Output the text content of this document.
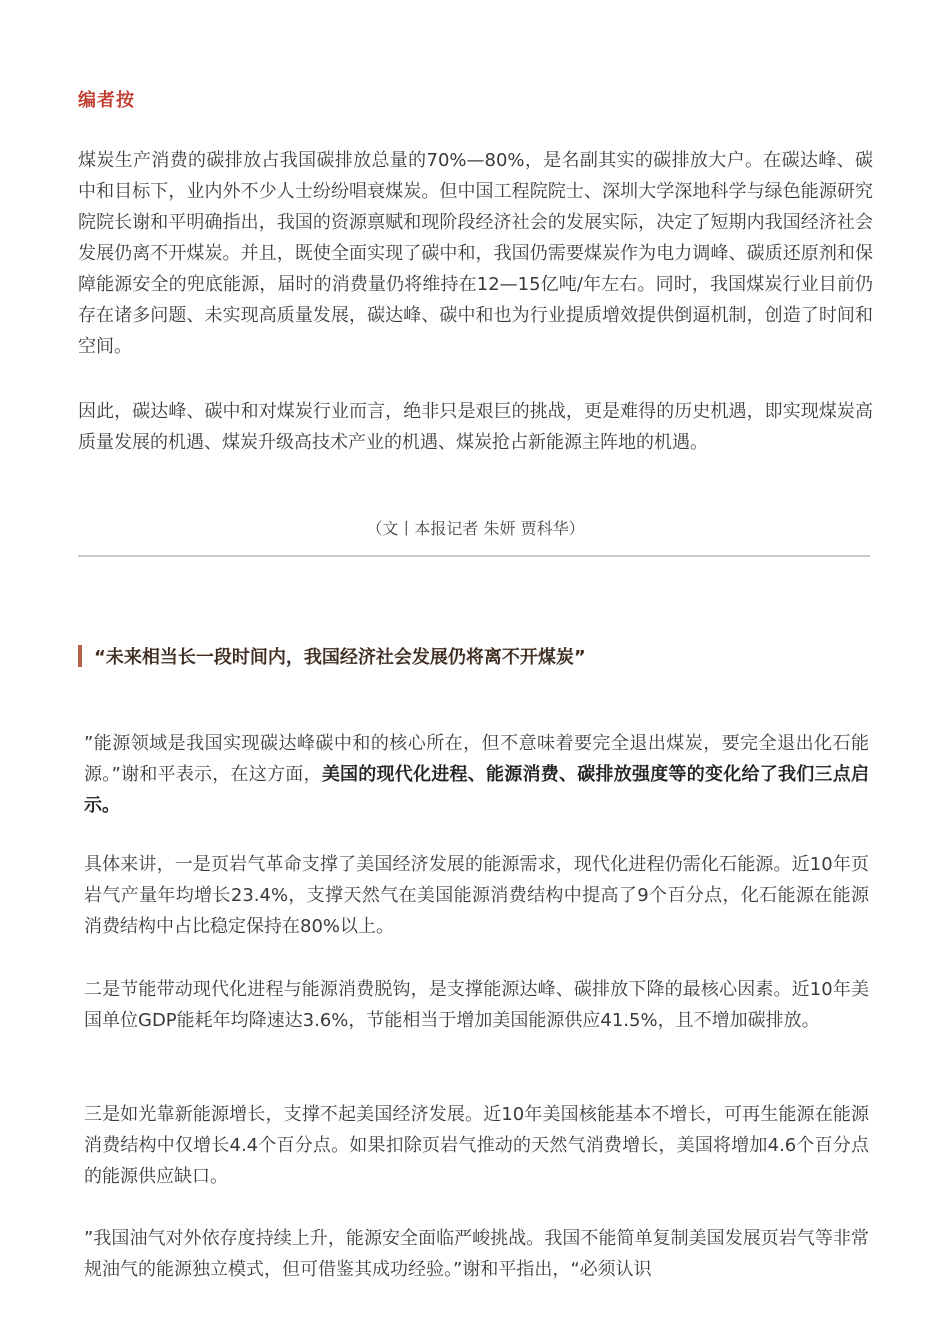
编者按

煤炭生产消费的碳排放占我国碳排放总量的70%—80%，是名副其实的碳排放大户。在碳达峰、碳中和目标下，业内外不少人士纷纷唱衰煤炭。但中国工程院院士、深圳大学深地科学与绿色能源研究院院长谢和平明确指出，我国的资源禀赋和现阶段经济社会的发展实际，决定了短期内我国经济社会发展仍离不开煤炭。并且，既使全面实现了碳中和，我国仍需要煤炭作为电力调峰、碳质还原剂和保障能源安全的兜底能源，届时的消费量仍将维持在12—15亿吨/年左右。同时，我国煤炭行业目前仍存在诸多问题、未实现高质量发展，碳达峰、碳中和也为行业提质增效提供倒逼机制，创造了时间和空间。

因此，碳达峰、碳中和对煤炭行业而言，绝非只是艰巨的挑战，更是难得的历史机遇，即实现煤炭高质量发展的机遇、煤炭升级高技术产业的机遇、煤炭抢占新能源主阵地的机遇。

（文丨本报记者 朱妍 贾科华）

“未来相当长一段时间内，我国经济社会发展仍将离不开煤炭”

”能源领域是我国实现碳达峰碳中和的核心所在，但不意味着要完全退出煤炭，要完全退出化石能源。”谢和平表示，在这方面，美国的现代化进程、能源消费、碳排放强度等的变化给了我们三点启示。

具体来讲，一是页岩气革命支撑了美国经济发展的能源需求，现代化进程仍需化石能源。近10年页岩气产量年均增长23.4%，支撑天然气在美国能源消费结构中提高了9个百分点，化石能源在能源消费结构中占比稳定保持在80%以上。

二是节能带动现代化进程与能源消费脱钩，是支撑能源达峰、碳排放下降的最核心因素。近10年美国单位GDP能耗年均降速达3.6%，节能相当于增加美国能源供应41.5%，且不增加碳排放。

三是如光靠新能源增长，支撑不起美国经济发展。近10年美国核能基本不增长，可再生能源在能源消费结构中仅增长4.4个百分点。如果扣除页岩气推动的天然气消费增长，美国将增加4.6个百分点的能源供应缺口。

”我国油气对外依存度持续上升，能源安全面临严峻挑战。我国不能简单复制美国发展页岩气等非常规油气的能源独立模式，但可借鉴其成功经验。”谢和平指出，“必须认识
